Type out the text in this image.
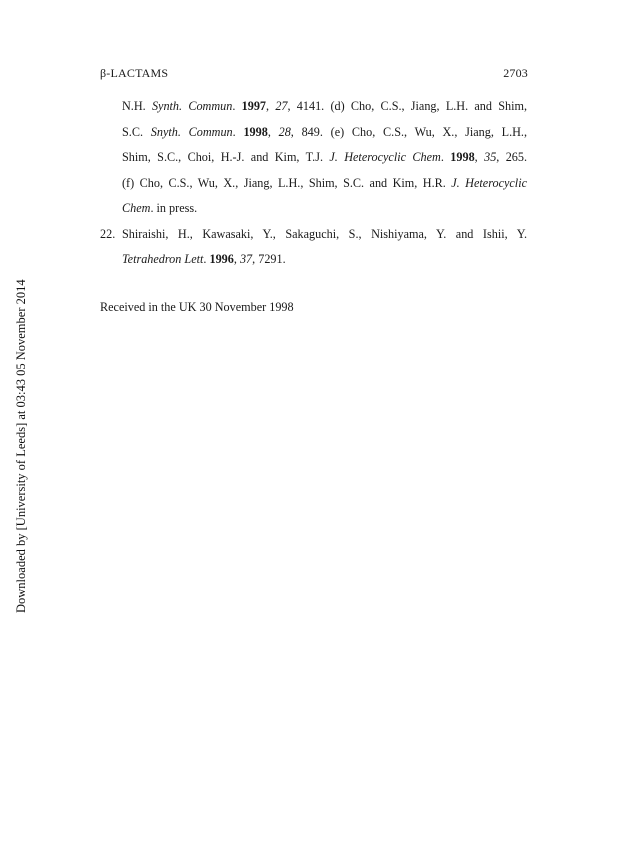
β-LACTAMS	2703
N.H. Synth. Commun. 1997, 27, 4141. (d) Cho, C.S., Jiang, L.H. and Shim,
S.C. Snyth. Commun. 1998, 28, 849. (e) Cho, C.S., Wu, X., Jiang, L.H.,
Shim, S.C., Choi, H.-J. and Kim, T.J. J. Heterocyclic Chem. 1998, 35, 265.
(f) Cho, C.S., Wu, X., Jiang, L.H., Shim, S.C. and Kim, H.R. J. Heterocyclic
Chem. in press.
22. Shiraishi, H., Kawasaki, Y., Sakaguchi, S., Nishiyama, Y. and Ishii, Y.
Tetrahedron Lett. 1996, 37, 7291.
Received in the UK 30 November 1998
Downloaded by [University of Leeds] at 03:43 05 November 2014
